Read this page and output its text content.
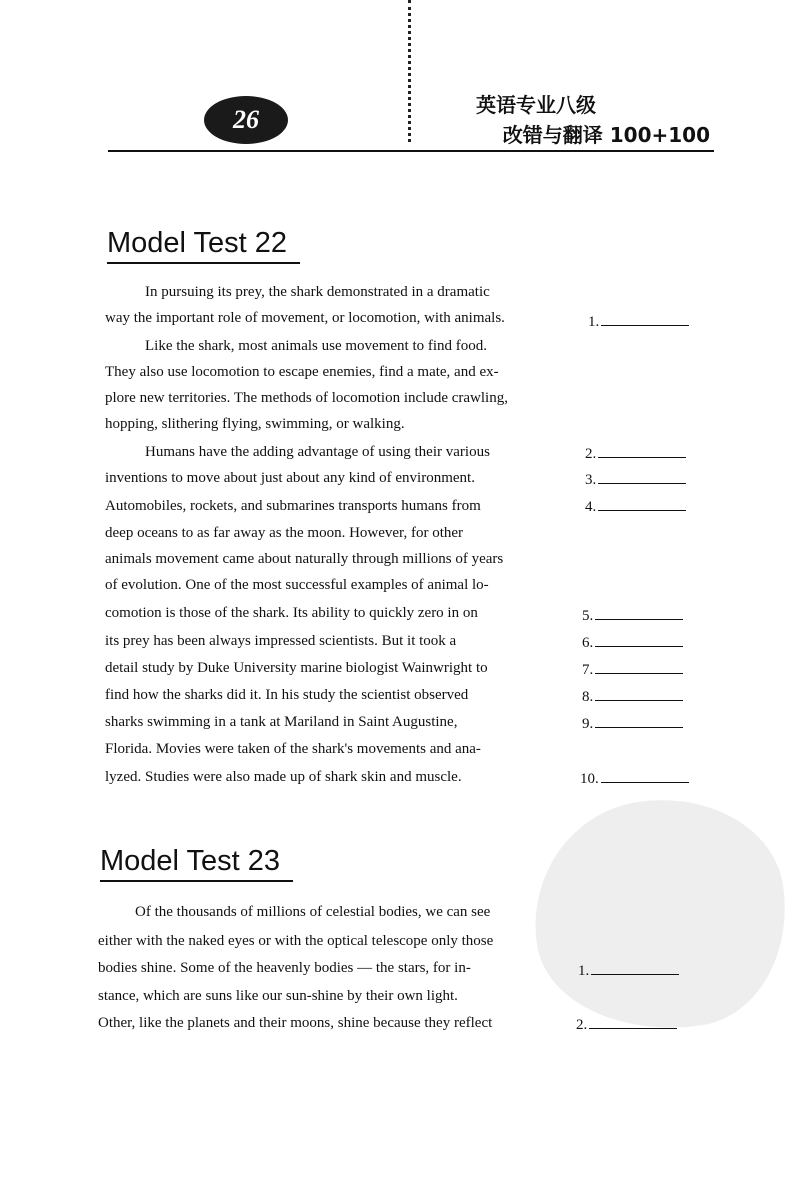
26	英语专业八级
改错与翻译 100+100
Model Test 22
In pursuing its prey, the shark demonstrated in a dramatic
way the important role of movement, or locomotion, with animals.
Like the shark, most animals use movement to find food.
They also use locomotion to escape enemies, find a mate, and ex-
plore new territories. The methods of locomotion include crawling,
hopping, slithering flying, swimming, or walking.
Humans have the adding advantage of using their various
inventions to move about just about any kind of environment.
Automobiles, rockets, and submarines transports humans from
deep oceans to as far away as the moon. However, for other
animals movement came about naturally through millions of years
of evolution. One of the most successful examples of animal lo-
comotion is those of the shark. Its ability to quickly zero in on
its prey has been always impressed scientists. But it took a
detail study by Duke University marine biologist Wainwright to
find how the sharks did it. In his study the scientist observed
sharks swimming in a tank at Mariland in Saint Augustine,
Florida. Movies were taken of the shark's movements and ana-
lyzed. Studies were also made up of shark skin and muscle.
1.
2.
3.
4.
5.
6.
7.
8.
9.
10.
Model Test 23
Of the thousands of millions of celestial bodies, we can see
either with the naked eyes or with the optical telescope only those
bodies shine. Some of the heavenly bodies — the stars, for in-
stance, which are suns like our sun-shine by their own light.
Other, like the planets and their moons, shine because they reflect
1.
2.
